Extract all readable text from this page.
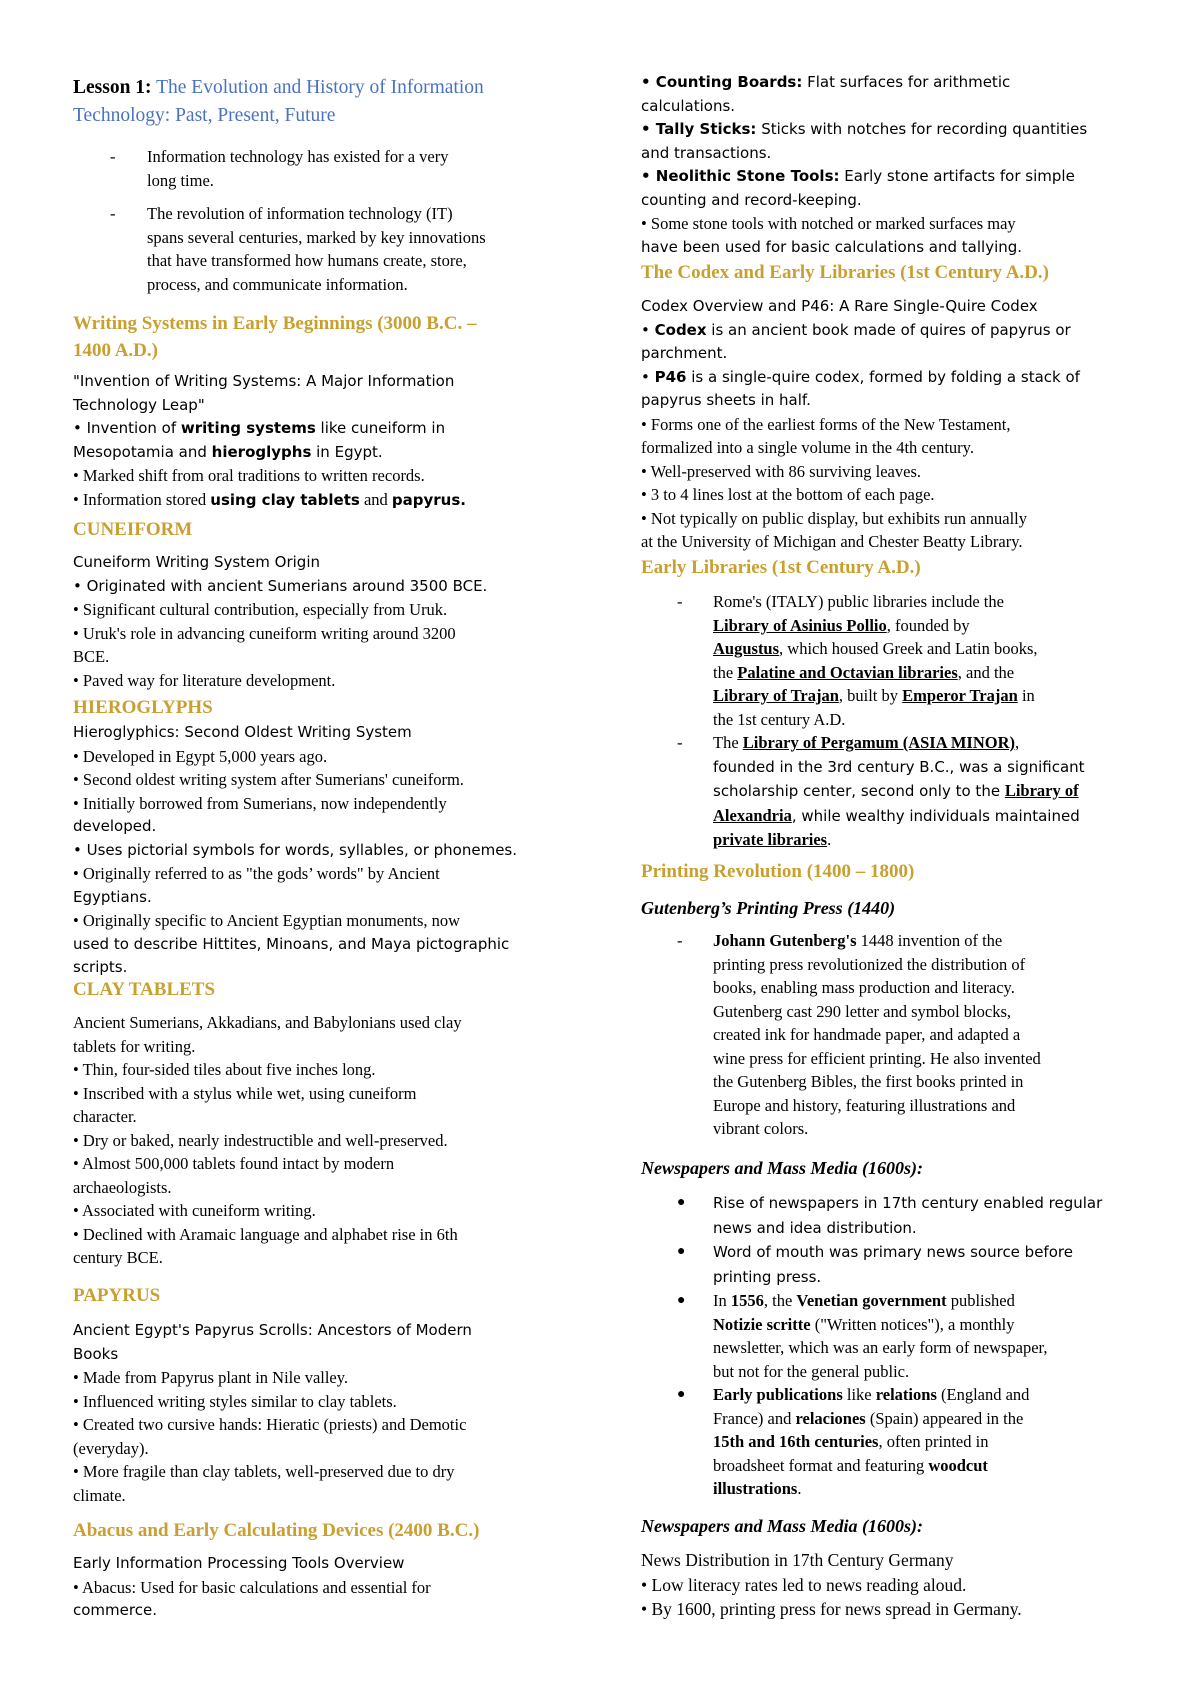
Lesson 1: The Evolution and History of Information

Technology: Past, Present, Future

- Information technology has existed for a very
long time.
- The revolution of information technology (IT)
spans several centuries, marked by key innovations
that have transformed how humans create, store,
process, and communicate information.

Writing Systems in Early Beginnings (3000 B.C. –

1400 A.D.)

"Invention of Writing Systems: A Major Information

Technology Leap"

• Invention of writing systems like cuneiform in

Mesopotamia and hieroglyphs in Egypt.

• Marked shift from oral traditions to written records.

• Information stored using clay tablets and papyrus.

CUNEIFORM

Cuneiform Writing System Origin

• Originated with ancient Sumerians around 3500 BCE.

• Significant cultural contribution, especially from Uruk.

• Uruk's role in advancing cuneiform writing around 3200

BCE.

• Paved way for literature development.

HIEROGLYPHS

Hieroglyphics: Second Oldest Writing System

• Developed in Egypt 5,000 years ago.

• Second oldest writing system after Sumerians' cuneiform.

• Initially borrowed from Sumerians, now independently

developed.

• Uses pictorial symbols for words, syllables, or phonemes.

• Originally referred to as "the gods’ words" by Ancient

Egyptians.

• Originally specific to Ancient Egyptian monuments, now

used to describe Hittites, Minoans, and Maya pictographic

scripts.

CLAY TABLETS

Ancient Sumerians, Akkadians, and Babylonians used clay

tablets for writing.

• Thin, four-sided tiles about five inches long.

• Inscribed with a stylus while wet, using cuneiform

character.

• Dry or baked, nearly indestructible and well-preserved.

• Almost 500,000 tablets found intact by modern

archaeologists.

• Associated with cuneiform writing.

• Declined with Aramaic language and alphabet rise in 6th

century BCE.

PAPYRUS

Ancient Egypt's Papyrus Scrolls: Ancestors of Modern

Books

• Made from Papyrus plant in Nile valley.

• Influenced writing styles similar to clay tablets.

• Created two cursive hands: Hieratic (priests) and Demotic

(everyday).

• More fragile than clay tablets, well-preserved due to dry

climate.

Abacus and Early Calculating Devices (2400 B.C.)

Early Information Processing Tools Overview

• Abacus: Used for basic calculations and essential for

commerce.

• Counting Boards: Flat surfaces for arithmetic

calculations.

• Tally Sticks: Sticks with notches for recording quantities

and transactions.

• Neolithic Stone Tools: Early stone artifacts for simple

counting and record-keeping.

• Some stone tools with notched or marked surfaces may

have been used for basic calculations and tallying.

The Codex and Early Libraries (1st Century A.D.)

Codex Overview and P46: A Rare Single-Quire Codex

• Codex is an ancient book made of quires of papyrus or

parchment.

• P46 is a single-quire codex, formed by folding a stack of

papyrus sheets in half.

• Forms one of the earliest forms of the New Testament,

formalized into a single volume in the 4th century.

• Well-preserved with 86 surviving leaves.

• 3 to 4 lines lost at the bottom of each page.

• Not typically on public display, but exhibits run annually

at the University of Michigan and Chester Beatty Library.

Early Libraries (1st Century A.D.)

- Rome's (ITALY) public libraries include the
Library of Asinius Pollio, founded by
Augustus, which housed Greek and Latin books,
the Palatine and Octavian libraries, and the
Library of Trajan, built by Emperor Trajan in
the 1st century A.D.
- The Library of Pergamum (ASIA MINOR),
founded in the 3rd century B.C., was a significant
scholarship center, second only to the Library of
Alexandria, while wealthy individuals maintained
private libraries.

Printing Revolution (1400 – 1800)

Gutenberg’s Printing Press (1440)

- Johann Gutenberg's 1448 invention of the
printing press revolutionized the distribution of
books, enabling mass production and literacy.
Gutenberg cast 290 letter and symbol blocks,
created ink for handmade paper, and adapted a
wine press for efficient printing. He also invented
the Gutenberg Bibles, the first books printed in
Europe and history, featuring illustrations and
vibrant colors.

Newspapers and Mass Media (1600s):

● Rise of newspapers in 17th century enabled regular
news and idea distribution.
● Word of mouth was primary news source before
printing press.
● In 1556, the Venetian government published
Notizie scritte ("Written notices"), a monthly
newsletter, which was an early form of newspaper,
but not for the general public.
● Early publications like relations (England and
France) and relaciones (Spain) appeared in the
15th and 16th centuries, often printed in
broadsheet format and featuring woodcut
illustrations.

Newspapers and Mass Media (1600s):

News Distribution in 17th Century Germany

• Low literacy rates led to news reading aloud.

• By 1600, printing press for news spread in Germany.
